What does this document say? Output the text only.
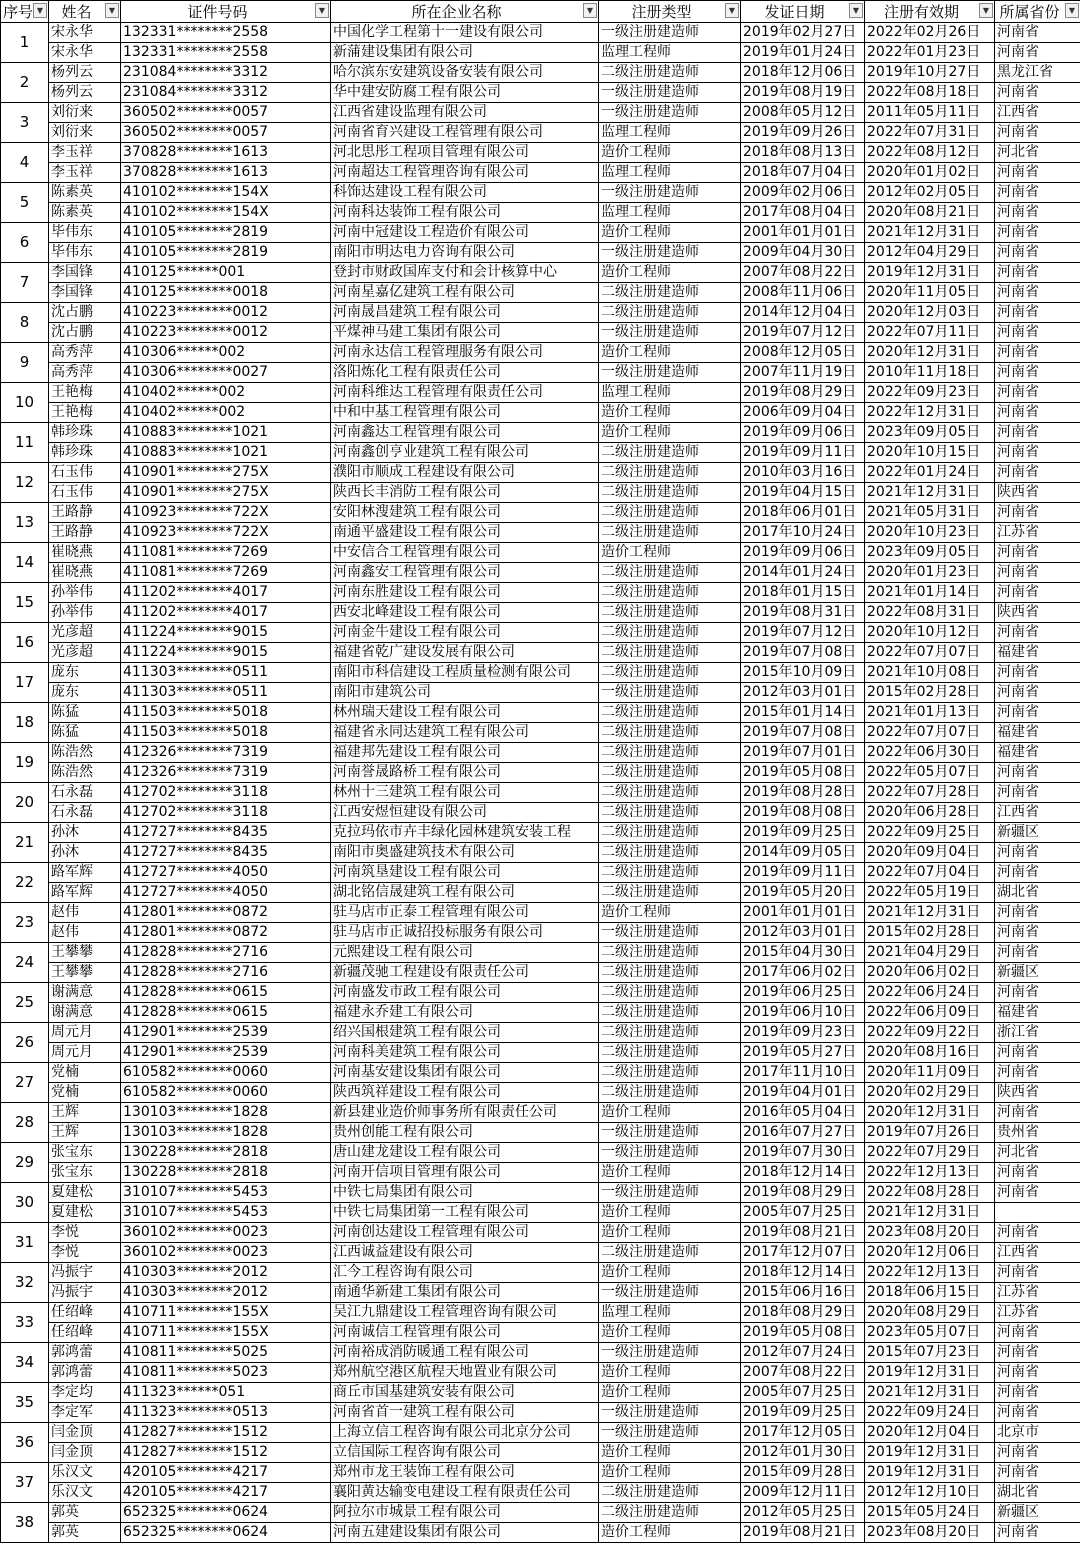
序号 ▼	姓名 ▼	证件号码 ▼	所在企业名称 ▼	注册类型 ▼	发证日期 ▼	注册有效期 ▼	所属省份 ▼

1	宋永华	132331********2558	中国化学工程第十一建设有限公司	一级注册建造师	2019年02月27日	2022年02月26日	河南省
	宋永华	132331********2558	新蒲建设集团有限公司	监理工程师	2019年01月24日	2022年01月23日	河南省
2	杨列云	231084********3312	哈尔滨东安建筑设备安装有限公司	二级注册建造师	2018年12月06日	2019年10月27日	黑龙江省
	杨列云	231084********3312	华中建安防腐工程有限公司	一级注册建造师	2019年08月19日	2022年08月18日	河南省
3	刘衍来	360502********0057	江西省建设监理有限公司	一级注册建造师	2008年05月12日	2011年05月11日	江西省
	刘衍来	360502********0057	河南省育兴建设工程管理有限公司	监理工程师	2019年09月26日	2022年07月31日	河南省
4	李玉祥	370828********1613	河北思彤工程项目管理有限公司	造价工程师	2018年08月13日	2022年08月12日	河北省
	李玉祥	370828********1613	河南超达工程管理咨询有限公司	监理工程师	2018年07月04日	2020年01月02日	河南省
5	陈素英	410102********154X	科饰达建设工程有限公司	一级注册建造师	2009年02月06日	2012年02月05日	河南省
	陈素英	410102********154X	河南科达装饰工程有限公司	监理工程师	2017年08月04日	2020年08月21日	河南省
6	毕伟东	410105********2819	河南中冠建设工程造价有限公司	造价工程师	2001年01月01日	2021年12月31日	河南省
	毕伟东	410105********2819	南阳市明达电力咨询有限公司	一级注册建造师	2009年04月30日	2012年04月29日	河南省
7	李国锋	410125******001	登封市财政国库支付和会计核算中心	造价工程师	2007年08月22日	2019年12月31日	河南省
	李国锋	410125********0018	河南星嘉亿建筑工程有限公司	二级注册建造师	2008年11月06日	2020年11月05日	河南省
8	沈占鹏	410223********0012	河南晟昌建筑工程有限公司	二级注册建造师	2014年12月04日	2020年12月03日	河南省
	沈占鹏	410223********0012	平煤神马建工集团有限公司	一级注册建造师	2019年07月12日	2022年07月11日	河南省
9	高秀萍	410306******002	河南永达信工程管理服务有限公司	造价工程师	2008年12月05日	2020年12月31日	河南省
	高秀萍	410306********0027	洛阳炼化工程有限责任公司	一级注册建造师	2007年11月19日	2010年11月18日	河南省
10	王艳梅	410402******002	河南科维达工程管理有限责任公司	监理工程师	2019年08月29日	2022年09月23日	河南省
	王艳梅	410402******002	中和中基工程管理有限公司	造价工程师	2006年09月04日	2022年12月31日	河南省
11	韩珍珠	410883********1021	河南鑫达工程管理有限公司	造价工程师	2019年09月06日	2023年09月05日	河南省
	韩珍珠	410883********1021	河南鑫创亨业建筑工程有限公司	二级注册建造师	2019年09月11日	2020年10月15日	河南省
12	石玉伟	410901********275X	濮阳市顺成工程建设有限公司	二级注册建造师	2010年03月16日	2022年01月24日	河南省
	石玉伟	410901********275X	陕西长丰消防工程有限公司	二级注册建造师	2019年04月15日	2021年12月31日	陕西省
13	王路静	410923********722X	安阳林溲建筑工程有限公司	二级注册建造师	2018年06月01日	2021年05月31日	河南省
	王路静	410923********722X	南通平盛建设工程有限公司	二级注册建造师	2017年10月24日	2020年10月23日	江苏省
14	崔晓燕	411081********7269	中安信合工程管理有限公司	造价工程师	2019年09月06日	2023年09月05日	河南省
	崔晓燕	411081********7269	河南鑫安工程管理有限公司	二级注册建造师	2014年01月24日	2020年01月23日	河南省
15	孙举伟	411202********4017	河南东胜建设工程有限公司	二级注册建造师	2018年01月15日	2021年01月14日	河南省
	孙举伟	411202********4017	西安北峰建设工程有限公司	二级注册建造师	2019年08月31日	2022年08月31日	陕西省
16	光彦超	411224********9015	河南金牛建设工程有限公司	二级注册建造师	2019年07月12日	2020年10月12日	河南省
	光彦超	411224********9015	福建省乾广建设发展有限公司	二级注册建造师	2019年07月08日	2022年07月07日	福建省
17	庞东	411303********0511	南阳市科信建设工程质量检测有限公司	二级注册建造师	2015年10月09日	2021年10月08日	河南省
	庞东	411303********0511	南阳市建筑公司	一级注册建造师	2012年03月01日	2015年02月28日	河南省
18	陈猛	411503********5018	林州瑞天建设工程有限公司	二级注册建造师	2015年01月14日	2021年01月13日	河南省
	陈猛	411503********5018	福建省永同达建筑工程有限公司	二级注册建造师	2019年07月08日	2022年07月07日	福建省
19	陈浩然	412326********7319	福建邦先建设工程有限公司	二级注册建造师	2019年07月01日	2022年06月30日	福建省
	陈浩然	412326********7319	河南誉晟路桥工程有限公司	二级注册建造师	2019年05月08日	2022年05月07日	河南省
20	石永磊	412702********3118	林州十三建筑工程有限公司	二级注册建造师	2019年08月28日	2022年07月28日	河南省
	石永磊	412702********3118	江西安煜恒建设有限公司	二级注册建造师	2019年08月08日	2020年06月28日	江西省
21	孙沐	412727********8435	克拉玛依市卉丰绿化园林建筑安装工程	二级注册建造师	2019年09月25日	2022年09月25日	新疆区
	孙沐	412727********8435	南阳市奥盛建筑技术有限公司	二级注册建造师	2014年09月05日	2020年09月04日	河南省
22	路军辉	412727********4050	河南筑垦建设工程有限公司	二级注册建造师	2019年09月11日	2022年07月04日	河南省
	路军辉	412727********4050	湖北铭信晟建筑工程有限公司	二级注册建造师	2019年05月20日	2022年05月19日	湖北省
23	赵伟	412801********0872	驻马店市正泰工程管理有限公司	造价工程师	2001年01月01日	2021年12月31日	河南省
	赵伟	412801********0872	驻马店市正诚招投标服务有限公司	一级注册建造师	2012年03月01日	2015年02月28日	河南省
24	王攀攀	412828********2716	元熙建设工程有限公司	二级注册建造师	2015年04月30日	2021年04月29日	河南省
	王攀攀	412828********2716	新疆茂驰工程建设有限责任公司	二级注册建造师	2017年06月02日	2020年06月02日	新疆区
25	谢满意	412828********0615	河南盛发市政工程有限公司	二级注册建造师	2019年06月25日	2022年06月24日	河南省
	谢满意	412828********0615	福建永乔建工有限公司	二级注册建造师	2019年06月10日	2022年06月09日	福建省
26	周元月	412901********2539	绍兴国根建筑工程有限公司	二级注册建造师	2019年09月23日	2022年09月22日	浙江省
	周元月	412901********2539	河南科美建筑工程有限公司	二级注册建造师	2019年05月27日	2020年08月16日	河南省
27	党楠	610582********0060	河南基安建设集团有限公司	二级注册建造师	2017年11月10日	2020年11月09日	河南省
	党楠	610582********0060	陕西筑祥建设工程有限公司	二级注册建造师	2019年04月01日	2020年02月29日	陕西省
28	王辉	130103********1828	新县建业造价师事务所有限责任公司	造价工程师	2016年05月04日	2020年12月31日	河南省
	王辉	130103********1828	贵州创能工程有限公司	一级注册建造师	2016年07月27日	2019年07月26日	贵州省
29	张宝东	130228********2818	唐山建龙建设工程有限公司	一级注册建造师	2019年07月30日	2022年07月29日	河北省
	张宝东	130228********2818	河南开信项目管理有限公司	造价工程师	2018年12月14日	2022年12月13日	河南省
30	夏建松	310107********5453	中铁七局集团有限公司	一级注册建造师	2019年08月29日	2022年08月28日	河南省
	夏建松	310107********5453	中铁七局集团第一工程有限公司	造价工程师	2005年07月25日	2021年12月31日	
31	李悦	360102********0023	河南创达建设工程管理有限公司	造价工程师	2019年08月21日	2023年08月20日	河南省
	李悦	360102********0023	江西诚益建设有限公司	二级注册建造师	2017年12月07日	2020年12月06日	江西省
32	冯振宇	410303********2012	汇今工程咨询有限公司	造价工程师	2018年12月14日	2022年12月13日	河南省
	冯振宇	410303********2012	南通华新建工集团有限公司	一级注册建造师	2015年06月16日	2018年06月15日	江苏省
33	任绍峰	410711********155X	吴江九鼎建设工程管理咨询有限公司	监理工程师	2018年08月29日	2020年08月29日	江苏省
	任绍峰	410711********155X	河南诚信工程管理有限公司	造价工程师	2019年05月08日	2023年05月07日	河南省
34	郭鸿蕾	410811********5025	河南裕成消防暖通工程有限公司	一级注册建造师	2012年07月24日	2015年07月23日	河南省
	郭鸿蕾	410811********5023	郑州航空港区航程天地置业有限公司	造价工程师	2007年08月22日	2019年12月31日	河南省
35	李定均	411323******051	商丘市国基建筑安装有限公司	造价工程师	2005年07月25日	2021年12月31日	河南省
	李定军	411323********0513	河南省首一建筑工程有限公司	一级注册建造师	2019年09月25日	2022年09月24日	河南省
36	闫金顶	412827********1512	上海立信工程咨询有限公司北京分公司	一级注册建造师	2017年12月05日	2020年12月04日	北京市
	闫金顶	412827********1512	立信国际工程咨询有限公司	造价工程师	2012年01月30日	2019年12月31日	河南省
37	乐汉文	420105********4217	郑州市龙王装饰工程有限公司	造价工程师	2015年09月28日	2019年12月31日	河南省
	乐汉文	420105********4217	襄阳黄达输变电建设工程有限责任公司	二级注册建造师	2009年12月11日	2012年12月10日	湖北省
38	郭英	652325********0624	阿拉尔市城景工程有限公司	二级注册建造师	2012年05月25日	2015年05月24日	新疆区
	郭英	652325********0624	河南五建建设集团有限公司	造价工程师	2019年08月21日	2023年08月20日	河南省
